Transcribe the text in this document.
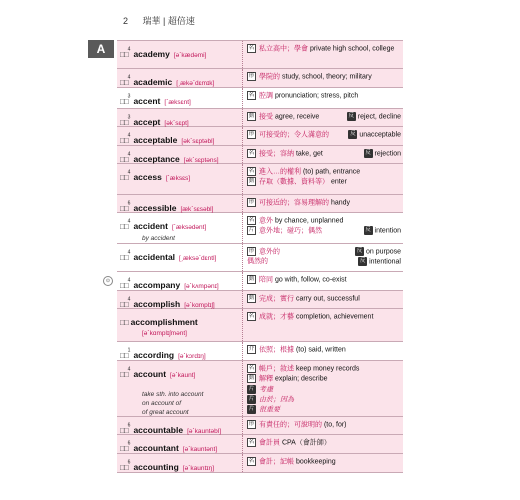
2 瑞華 | 超倍速
A	□□$^4$ academy [əˋkædəmi]
名 私立高中；學會 private high school, college
□□$^4$ academic [ˏækəˋdɛmɪk]
形 學院的 study, school, theory; military
□□$^3$ accent [ˋæksɛnt]
名 腔調 pronunciation; stress, pitch
□□$^3$ accept [əkˋsɛpt]
反 reject, decline
動 接受 agree, receive
□□$^4$ acceptable [əkˋsɛptəbl]
反 unacceptable
形 可接受的；令人滿意的
□□$^4$ acceptance [əkˋsɛptəns]
反 rejection
名 接受；容納 take, get
□□$^4$ access [ˋæksɛs]
名 進入…的權利 (to) path, entrance
動 存取（數據、資料等） enter
□□$^6$ accessible [ækˋsɛsəbl]
形 可接近的；容易理解的 handy
□□$^4$ accident [ˋæksədənt]
by accident
名 意外 by chance, unplanned
反 intention
片 意外地；碰巧；偶然
□□$^4$ accidental [ˏæksəˋdɛntl]
反 on purpose
形 意外的
反 intentional
偶然的
⊙	□□$^4$ accompany [əˋkʌmpənɪ]
動 陪同 go with, follow, co-exist
□□$^4$ accomplish [əˋkɑmplɪʃ]
動 完成；實行 carry out, successful
□□ accomplishment
[əˋkɑmplɪʃmənt]
名 成就；才藝 completion, achievement
□□$^1$ according [əˋkɔrdɪŋ]
介 依照；根據 (to) said, written
□□$^4$ account [əˋkaunt]
take sth. into account
on account of
of great account
名 帳戶；敘述 keep money records
動 解釋 explain; describe
片 考慮
片 由於；因為
片 很重要
□□$^6$ accountable [əˋkauntəbl]
形 有責任的；可說明的 (to, for)
□□$^6$ accountant [əˋkauntənt]
名 會計員 CPA（會計師）
□□$^6$ accounting [əˋkauntɪŋ]
名 會計；記帳 bookkeeping
